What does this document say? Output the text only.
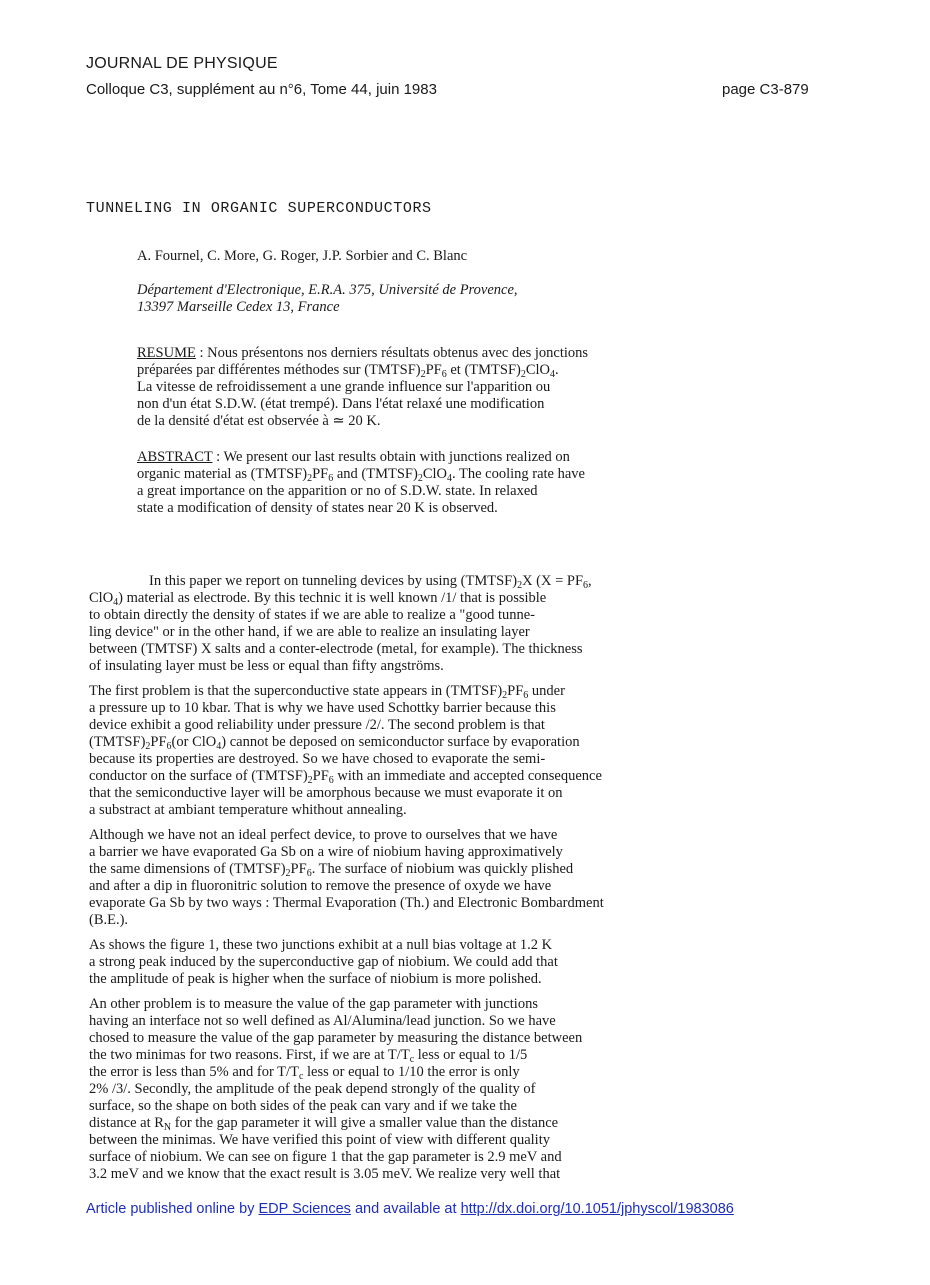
JOURNAL DE PHYSIQUE
Colloque C3, supplément au n°6, Tome 44, juin 1983	page C3-879
TUNNELING IN ORGANIC SUPERCONDUCTORS
A. Fournel, C. More, G. Roger, J.P. Sorbier and C. Blanc
Département d'Electronique, E.R.A. 375, Université de Provence,
13397 Marseille Cedex 13, France
RESUME : Nous présentons nos derniers résultats obtenus avec des jonctions
préparées par différentes méthodes sur $(TMTSF)_2PF_6$ et $(TMTSF)_2ClO_4$.
La vitesse de refroidissement a une grande influence sur l'apparition ou
non d'un état S.D.W. (état trempé). Dans l'état relaxé une modification
de la densité d'état est observée à ≃ 20 K.
ABSTRACT : We present our last results obtain with junctions realized on
organic material as $(TMTSF)_2PF_6$ and $(TMTSF)_2ClO_4$. The cooling rate have
a great importance on the apparition or no of S.D.W. state. In relaxed
state a modification of density of states near 20 K is observed.
In this paper we report on tunneling devices by using $(TMTSF)_2X$ ($X = PF_6$,
ClO$_4$) material as electrode. By this technic it is well known /1/ that is possible
to obtain directly the density of states if we are able to realize a "good tunne-
ling device" or in the other hand, if we are able to realize an insulating layer
between (TMTSF) X salts and a conter-electrode (metal, for example). The thickness
of insulating layer must be less or equal than fifty angströms.
The first problem is that the superconductive state appears in $(TMTSF)_2PF_6$ under
a pressure up to 10 kbar. That is why we have used Schottky barrier because this
device exhibit a good reliability under pressure /2/. The second problem is that
$(TMTSF)_2PF_6(or$ ClO$_4$) cannot be deposed on semiconductor surface by evaporation
because its properties are destroyed. So we have chosed to evaporate the semi-
conductor on the surface of $(TMTSF)_2PF_6$ with an immediate and accepted consequence
that the semiconductive layer will be amorphous because we must evaporate it on
a substract at ambiant temperature whithout annealing.
Although we have not an ideal perfect device, to prove to ourselves that we have
a barrier we have evaporated Ga Sb on a wire of niobium having approximatively
the same dimensions of $(TMTSF)_2PF_6$. The surface of niobium was quickly plished
and after a dip in fluoronitric solution to remove the presence of oxyde we have
evaporate Ga Sb by two ways : Thermal Evaporation (Th.) and Electronic Bombardment
(B.E.).
As shows the figure 1, these two junctions exhibit at a null bias voltage at 1.2 K
a strong peak induced by the superconductive gap of niobium. We could add that
the amplitude of peak is higher when the surface of niobium is more polished.
An other problem is to measure the value of the gap parameter with junctions
having an interface not so well defined as Al/Alumina/lead junction. So we have
chosed to measure the value of the gap parameter by measuring the distance between
the two minimas for two reasons. First, if we are at $T/T_c$ less or equal to 1/5
the error is less than 5% and for $T/T_c$ less or equal to 1/10 the error is only
2% /3/. Secondly, the amplitude of the peak depend strongly of the quality of
surface, so the shape on both sides of the peak can vary and if we take the
distance at $R_N$ for the gap parameter it will give a smaller value than the distance
between the minimas. We have verified this point of view with different quality
surface of niobium. We can see on figure 1 that the gap parameter is 2.9 meV and
3.2 meV and we know that the exact result is 3.05 meV. We realize very well that
Article published online by EDP Sciences and available at http://dx.doi.org/10.1051/jphyscol/1983086
